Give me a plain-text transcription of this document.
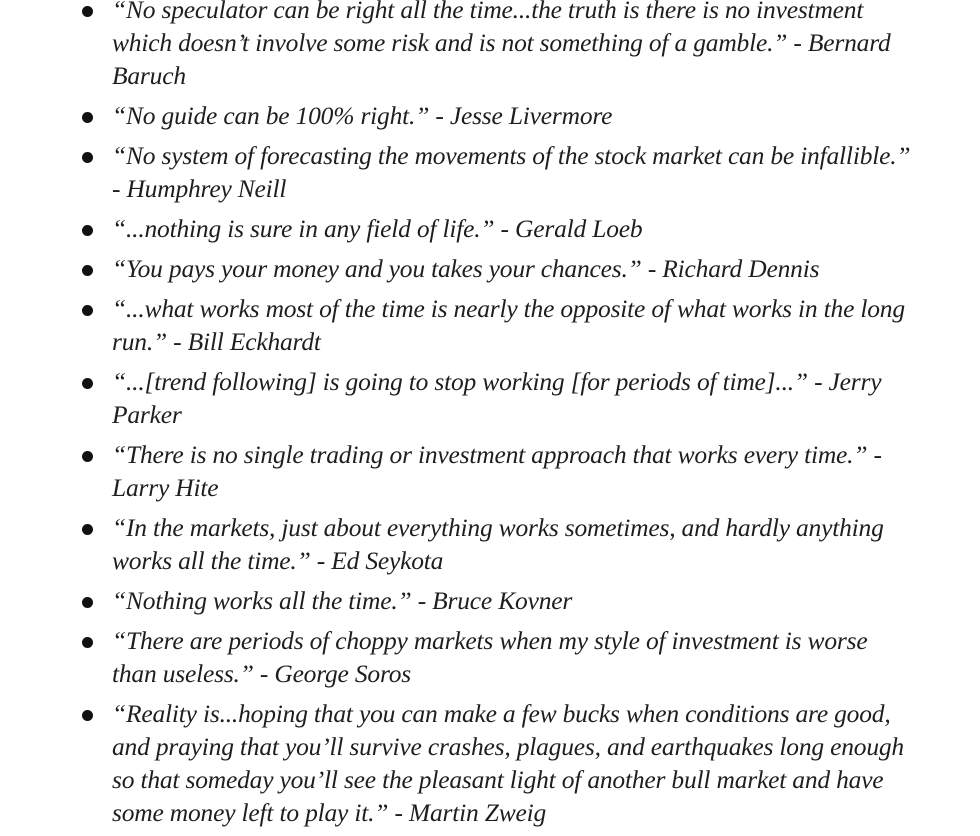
“No speculator can be right all the time...the truth is there is no investment which doesn’t involve some risk and is not something of a gamble.” - Bernard Baruch
“No guide can be 100% right.” - Jesse Livermore
“No system of forecasting the movements of the stock market can be infallible.” - Humphrey Neill
“...nothing is sure in any field of life.” - Gerald Loeb
“You pays your money and you takes your chances.” - Richard Dennis
“...what works most of the time is nearly the opposite of what works in the long run.” - Bill Eckhardt
“...[trend following] is going to stop working [for periods of time]...” - Jerry Parker
“There is no single trading or investment approach that works every time.” - Larry Hite
“In the markets, just about everything works sometimes, and hardly anything works all the time.” - Ed Seykota
“Nothing works all the time.” - Bruce Kovner
“There are periods of choppy markets when my style of investment is worse than useless.” - George Soros
“Reality is...hoping that you can make a few bucks when conditions are good, and praying that you’ll survive crashes, plagues, and earthquakes long enough so that someday you’ll see the pleasant light of another bull market and have some money left to play it.” - Martin Zweig
